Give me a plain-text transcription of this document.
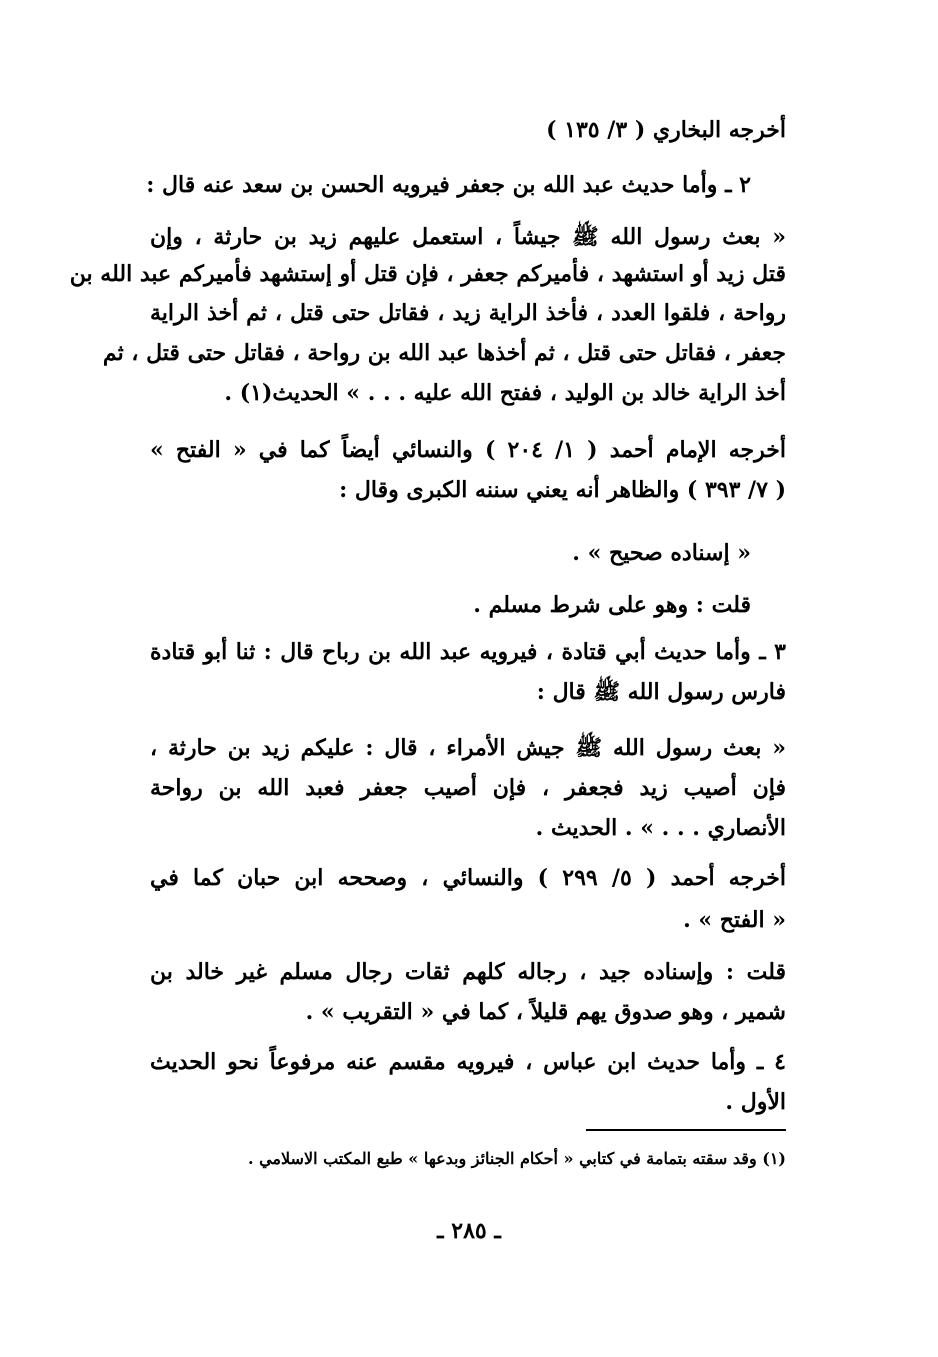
أخرجه البخاري ( ٣/ ١٣٥ )
٢ ـ وأما حديث عبد الله بن جعفر فيرويه الحسن بن سعد عنه قال :
« بعث رسول الله ﷺ جيشاً ، استعمل عليهم زيد بن حارثة ، وإن
قتل زيد أو استشهد ، فأميركم جعفر ، فإن قتل أو إستشهد فأميركم عبد الله بن
رواحة ، فلقوا العدد ، فأخذ الراية زيد ، فقاتل حتى قتل ، ثم أخذ الراية
جعفر ، فقاتل حتى قتل ، ثم أخذها عبد الله بن رواحة ، فقاتل حتى قتل ، ثم
أخذ الراية خالد بن الوليد ، ففتح الله عليه . . . » الحديث(١) .
أخرجه الإمام أحمد ( ١/ ٢٠٤ ) والنسائي أيضاً كما في « الفتح »
( ٧/ ٣٩٣ ) والظاهر أنه يعني سننه الكبرى وقال :
« إسناده صحيح » .
قلت : وهو على شرط مسلم .
٣ ـ وأما حديث أبي قتادة ، فيرويه عبد الله بن رباح قال : ثنا أبو قتادة
فارس رسول الله ﷺ قال :
« بعث رسول الله ﷺ جيش الأمراء ، قال : عليكم زيد بن حارثة ،
فإن أصيب زيد فجعفر ، فإن أصيب جعفر فعبد الله بن رواحة
الأنصاري . . . » . الحديث .
أخرجه أحمد ( ٥/ ٢٩٩ ) والنسائي ، وصححه ابن حبان كما في
« الفتح » .
قلت : وإسناده جيد ، رجاله كلهم ثقات رجال مسلم غير خالد بن
شمير ، وهو صدوق يهم قليلاً ، كما في « التقريب » .
٤ ـ وأما حديث ابن عباس ، فيرويه مقسم عنه مرفوعاً نحو الحديث
الأول .
(١) وقد سقته بتمامة في كتابي « أحكام الجنائز وبدعها » طبع المكتب الاسلامي .
ـ ٢٨٥ ـ
